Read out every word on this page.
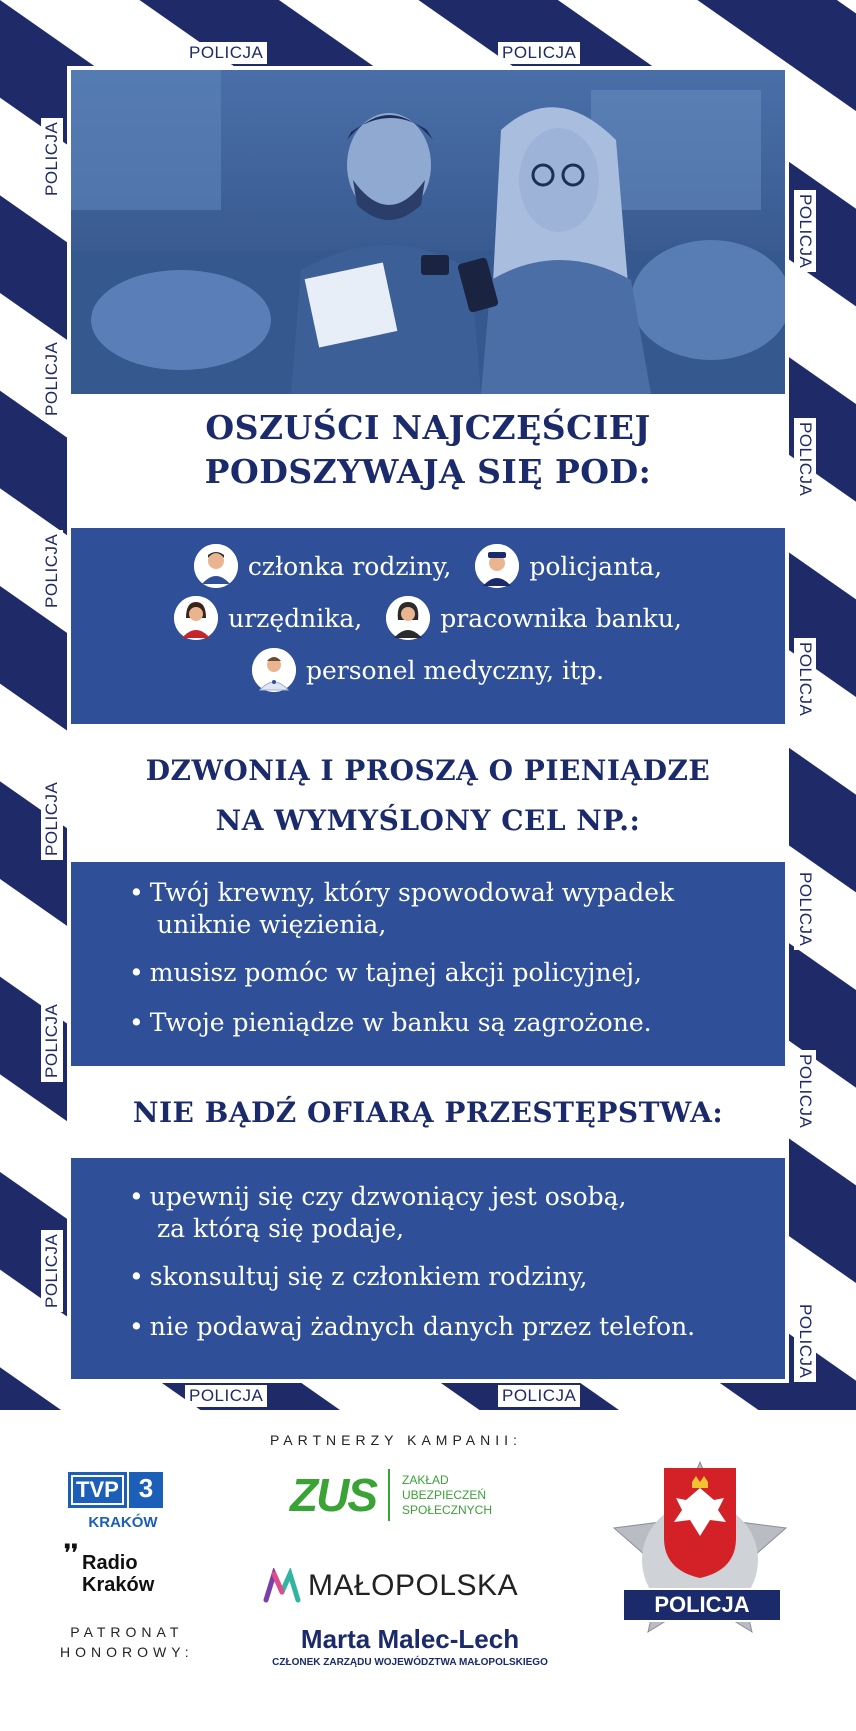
POLICJA	POLICJA
POLICJA	POLICJA
POLICJA
POLICJA
POLICJA
POLICJA
POLICJA
POLICJA
POLICJA
POLICJA
POLICJA
POLICJA
POLICJA
POLICJA
OSZUŚCI NAJCZĘŚCIEJ
PODSZYWAJĄ SIĘ POD:
członka rodziny,	policjanta,
urzędnika,	pracownika banku,
personel medyczny, itp.
DZWONIĄ I PROSZĄ O PIENIĄDZE
NA WYMYŚLONY CEL NP.:
• Twój krewny, który spowodował wypadek
uniknie więzienia,
• musisz pomóc w tajnej akcji policyjnej,
• Twoje pieniądze w banku są zagrożone.
NIE BĄDŹ OFIARĄ PRZESTĘPSTWA:
• upewnij się czy dzwoniący jest osobą,
za którą się podaje,
• skonsultuj się z członkiem rodziny,
• nie podawaj żadnych danych przez telefon.
PARTNERZY KAMPANII:
TVP 3
KRAKÓW
❜❜ Radio
Kraków
PATRONAT
HONOROWY:
ZUS ZAKŁAD
UBEZPIECZEŃ
SPOŁECZNYCH
MAŁOPOLSKA
Marta Malec-Lech
CZŁONEK ZARZĄDU WOJEWÓDZTWA MAŁOPOLSKIEGO
POLICJA
